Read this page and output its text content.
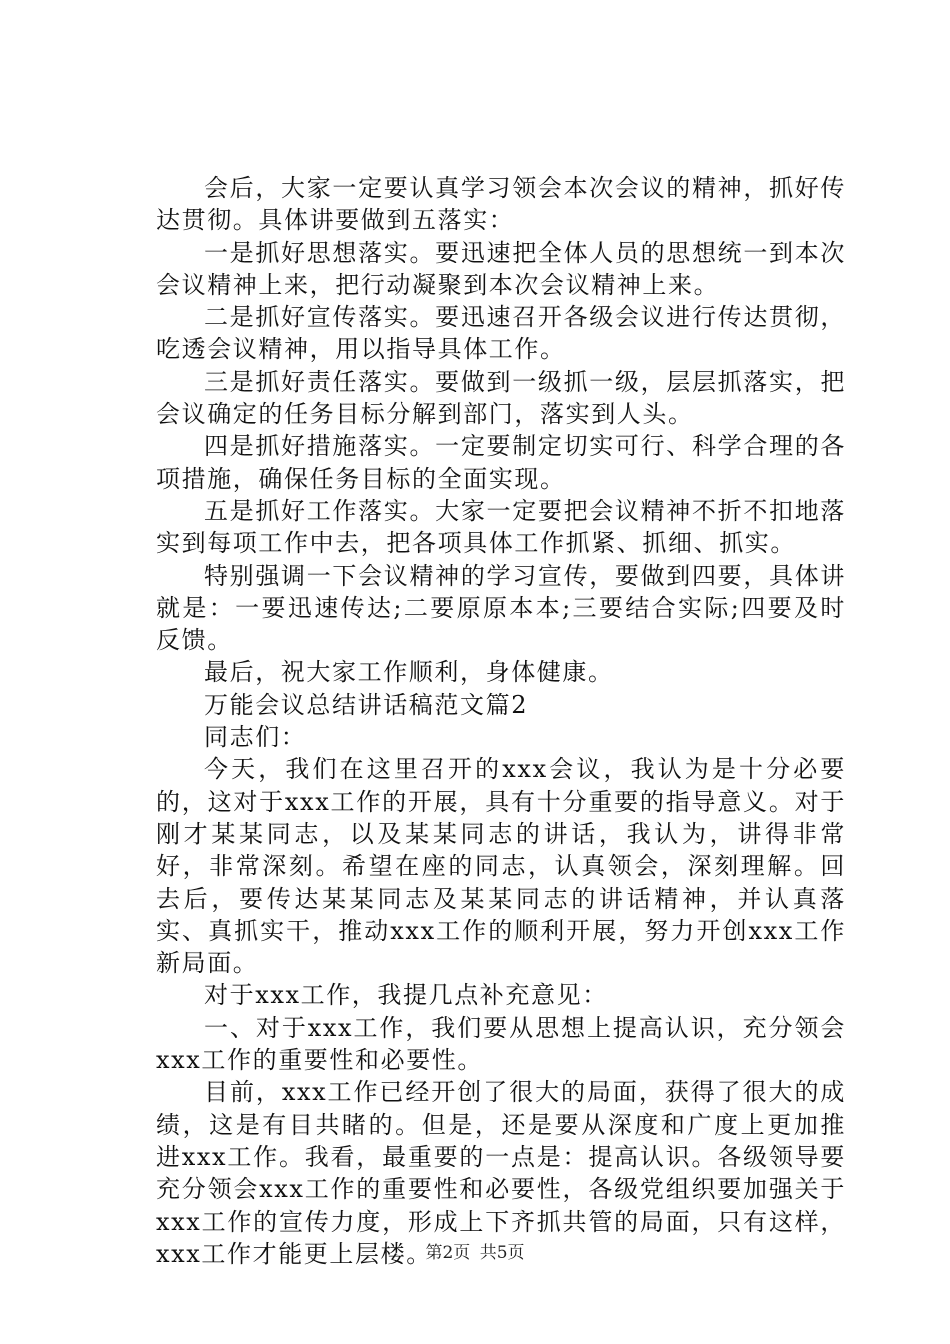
会后，大家一定要认真学习领会本次会议的精神，抓好传达贯彻。具体讲要做到五落实：

一是抓好思想落实。要迅速把全体人员的思想统一到本次会议精神上来，把行动凝聚到本次会议精神上来。

二是抓好宣传落实。要迅速召开各级会议进行传达贯彻，吃透会议精神，用以指导具体工作。

三是抓好责任落实。要做到一级抓一级，层层抓落实，把会议确定的任务目标分解到部门，落实到人头。

四是抓好措施落实。一定要制定切实可行、科学合理的各项措施，确保任务目标的全面实现。

五是抓好工作落实。大家一定要把会议精神不折不扣地落实到每项工作中去，把各项具体工作抓紧、抓细、抓实。

特别强调一下会议精神的学习宣传，要做到四要，具体讲就是：一要迅速传达;二要原原本本;三要结合实际;四要及时反馈。

最后，祝大家工作顺利，身体健康。

万能会议总结讲话稿范文篇2

同志们：

今天，我们在这里召开的xxx会议，我认为是十分必要的，这对于xxx工作的开展，具有十分重要的指导意义。对于刚才某某同志，以及某某同志的讲话，我认为，讲得非常好，非常深刻。希望在座的同志，认真领会，深刻理解。回去后，要传达某某同志及某某同志的讲话精神，并认真落实、真抓实干，推动xxx工作的顺利开展，努力开创xxx工作新局面。

对于xxx工作，我提几点补充意见：

一、对于xxx工作，我们要从思想上提高认识，充分领会xxx工作的重要性和必要性。

目前，xxx工作已经开创了很大的局面，获得了很大的成绩，这是有目共睹的。但是，还是要从深度和广度上更加推进xxx工作。我看，最重要的一点是：提高认识。各级领导要充分领会xxx工作的重要性和必要性，各级党组织要加强关于xxx工作的宣传力度，形成上下齐抓共管的局面，只有这样，xxx工作才能更上层楼。

第2页 共5页
